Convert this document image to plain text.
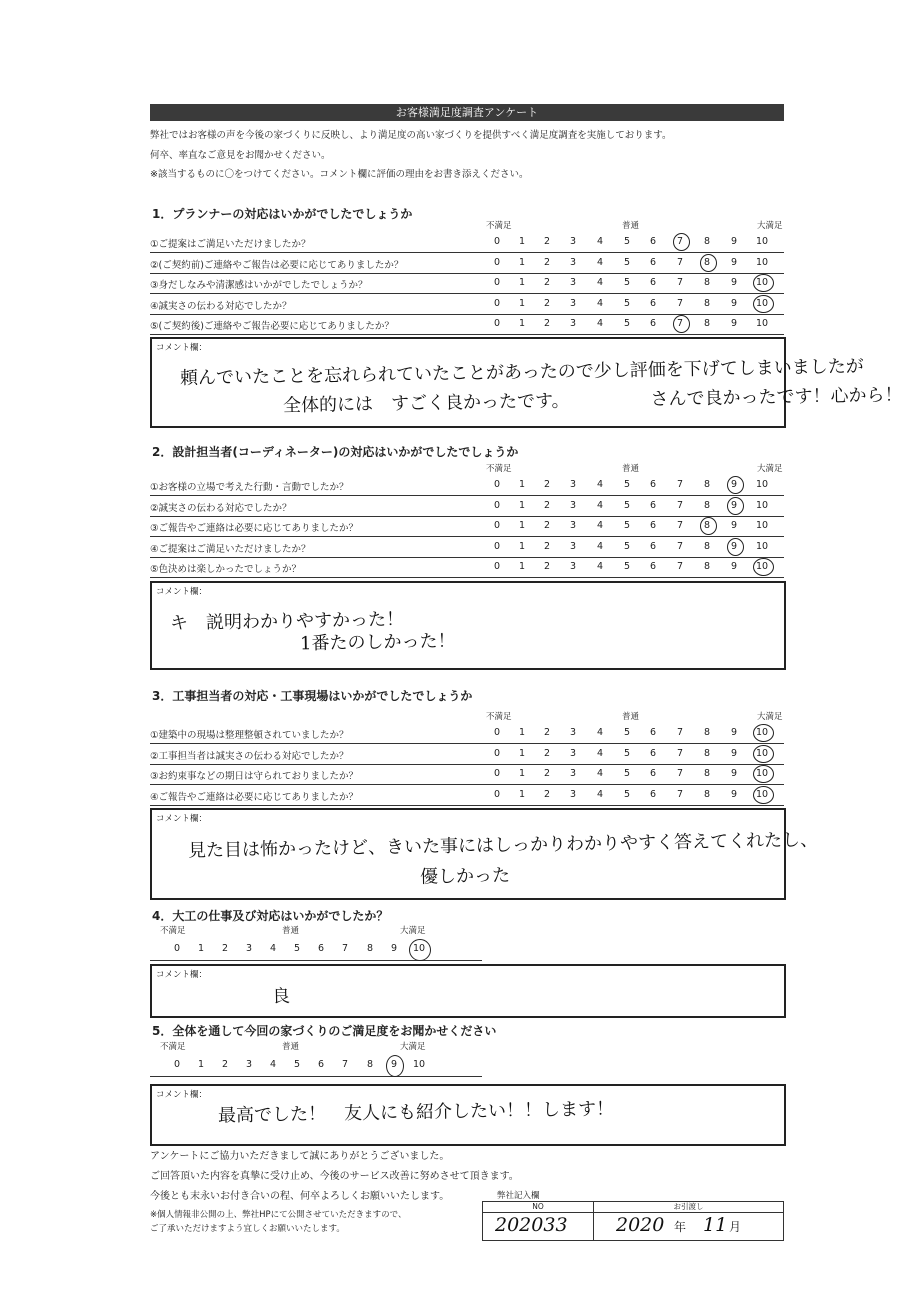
お客様満足度調査アンケート
弊社ではお客様の声を今後の家づくりに反映し、より満足度の高い家づくりを提供すべく満足度調査を実施しております。
何卒、率直なご意見をお聞かせください。
※該当するものに〇をつけてください。コメント欄に評価の理由をお書き添えください。
1．プランナーの対応はいかがでしたでしょうか
不満足	普通	大満足
①ご提案はご満足いただけましたか？	0	1	2	3	4	5	6	7	8	9	10
②(ご契約前)ご連絡やご報告は必要に応じてありましたか？	0	1	2	3	4	5	6	7	8	9	10
③身だしなみや清潔感はいかがでしたでしょうか？	0	1	2	3	4	5	6	7	8	9	10
④誠実さの伝わる対応でしたか？	0	1	2	3	4	5	6	7	8	9	10
⑤(ご契約後)ご連絡やご報告必要に応じてありましたか？	0	1	2	3	4	5	6	7	8	9	10
コメント欄：
頼んでいたことを忘れられていたことがあったので少し評価を下げてしまいましたが
全体的には　すごく良かったです。　　　　　さんで良かったです！心から！
2．設計担当者(コーディネーター)の対応はいかがでしたでしょうか
不満足	普通	大満足
①お客様の立場で考えた行動・言動でしたか？	0	1	2	3	4	5	6	7	8	9	10
②誠実さの伝わる対応でしたか？	0	1	2	3	4	5	6	7	8	9	10
③ご報告やご連絡は必要に応じてありましたか？	0	1	2	3	4	5	6	7	8	9	10
④ご提案はご満足いただけましたか？	0	1	2	3	4	5	6	7	8	9	10
⑤色決めは楽しかったでしょうか？	0	1	2	3	4	5	6	7	8	9	10
コメント欄：
キ　説明わかりやすかった！
1番たのしかった！
3．工事担当者の対応・工事現場はいかがでしたでしょうか
不満足	普通	大満足
①建築中の現場は整理整頓されていましたか？	0	1	2	3	4	5	6	7	8	9	10
②工事担当者は誠実さの伝わる対応でしたか？	0	1	2	3	4	5	6	7	8	9	10
③お約束事などの期日は守られておりましたか？	0	1	2	3	4	5	6	7	8	9	10
④ご報告やご連絡は必要に応じてありましたか？	0	1	2	3	4	5	6	7	8	9	10
コメント欄：
見た目は怖かったけど、きいた事にはしっかりわかりやすく答えてくれたし、
優しかった
4．大工の仕事及び対応はいかがでしたか？
不満足	普通	大満足
0	1	2	3	4	5	6	7	8	9	10
コメント欄：
良
5．全体を通して今回の家づくりのご満足度をお聞かせください
不満足	普通	大満足
0	1	2	3	4	5	6	7	8	9	10
コメント欄：
最高でした！　友人にも紹介したい！！します！
アンケートにご協力いただきまして誠にありがとうございました。
ご回答頂いた内容を真摯に受け止め、今後のサービス改善に努めさせて頂きます。
今後とも末永いお付き合いの程、何卒よろしくお願いいたします。
※個人情報非公開の上、弊社HPにて公開させていただきますので、
ご了承いただけますよう宜しくお願いいたします。
弊社記入欄
NO	お引渡し
202033	2020 年 11 月
